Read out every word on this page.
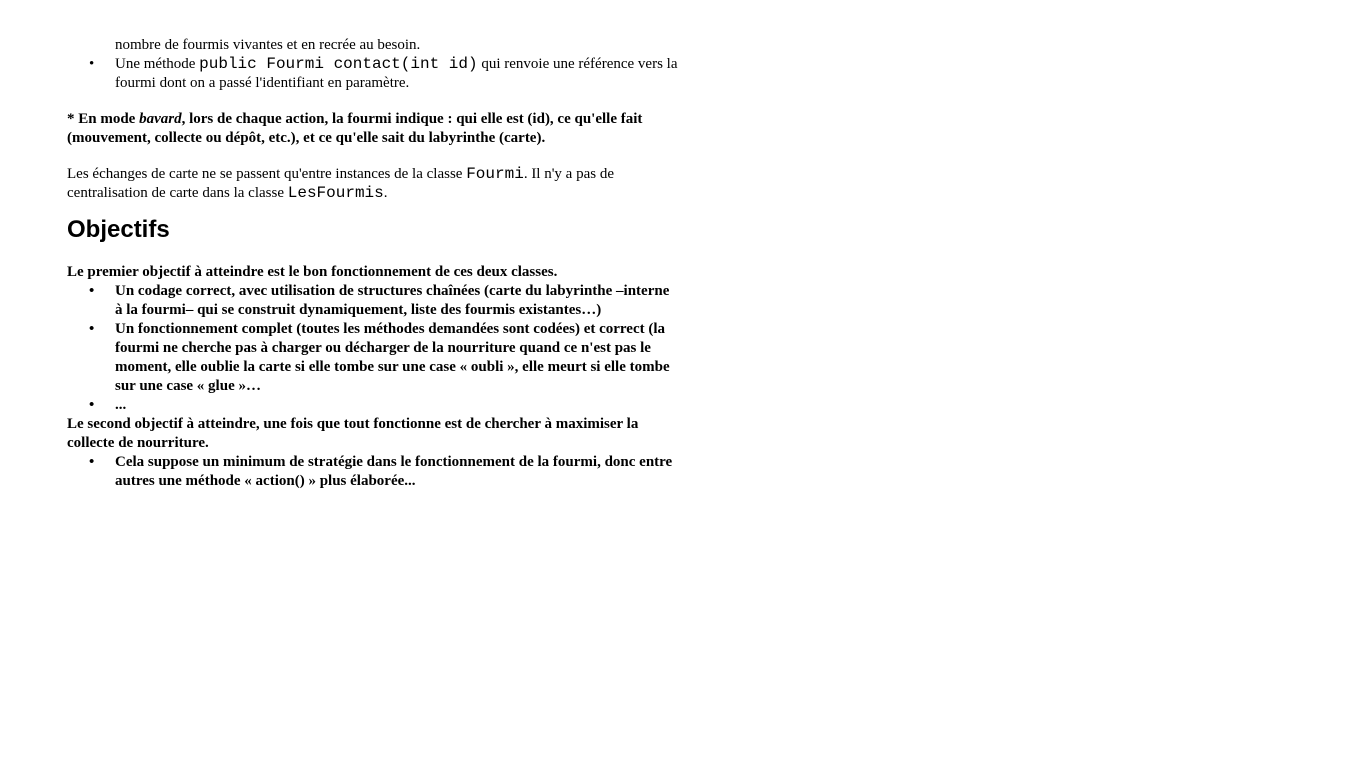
nombre de fourmis vivantes et en recrée au besoin.
• Une méthode public Fourmi contact(int id) qui renvoie une référence vers la
fourmi dont on a passé l'identifiant en paramètre.

* En mode bavard, lors de chaque action, la fourmi indique : qui elle est (id), ce qu'elle fait
(mouvement, collecte ou dépôt, etc.), et ce qu'elle sait du labyrinthe (carte).

Les échanges de carte ne se passent qu'entre instances de la classe Fourmi. Il n'y a pas de
centralisation de carte dans la classe LesFourmis.

Objectifs

Le premier objectif à atteindre est le bon fonctionnement de ces deux classes.

• Un codage correct, avec utilisation de structures chaînées (carte du labyrinthe –interne
à la fourmi– qui se construit dynamiquement, liste des fourmis existantes…)
• Un fonctionnement complet (toutes les méthodes demandées sont codées) et correct (la
fourmi ne cherche pas à charger ou décharger de la nourriture quand ce n'est pas le
moment, elle oublie la carte si elle tombe sur une case « oubli », elle meurt si elle tombe
sur une case « glue »…
• ...

Le second objectif à atteindre, une fois que tout fonctionne est de chercher à maximiser la
collecte de nourriture.

• Cela suppose un minimum de stratégie dans le fonctionnement de la fourmi, donc entre
autres une méthode « action() » plus élaborée...
